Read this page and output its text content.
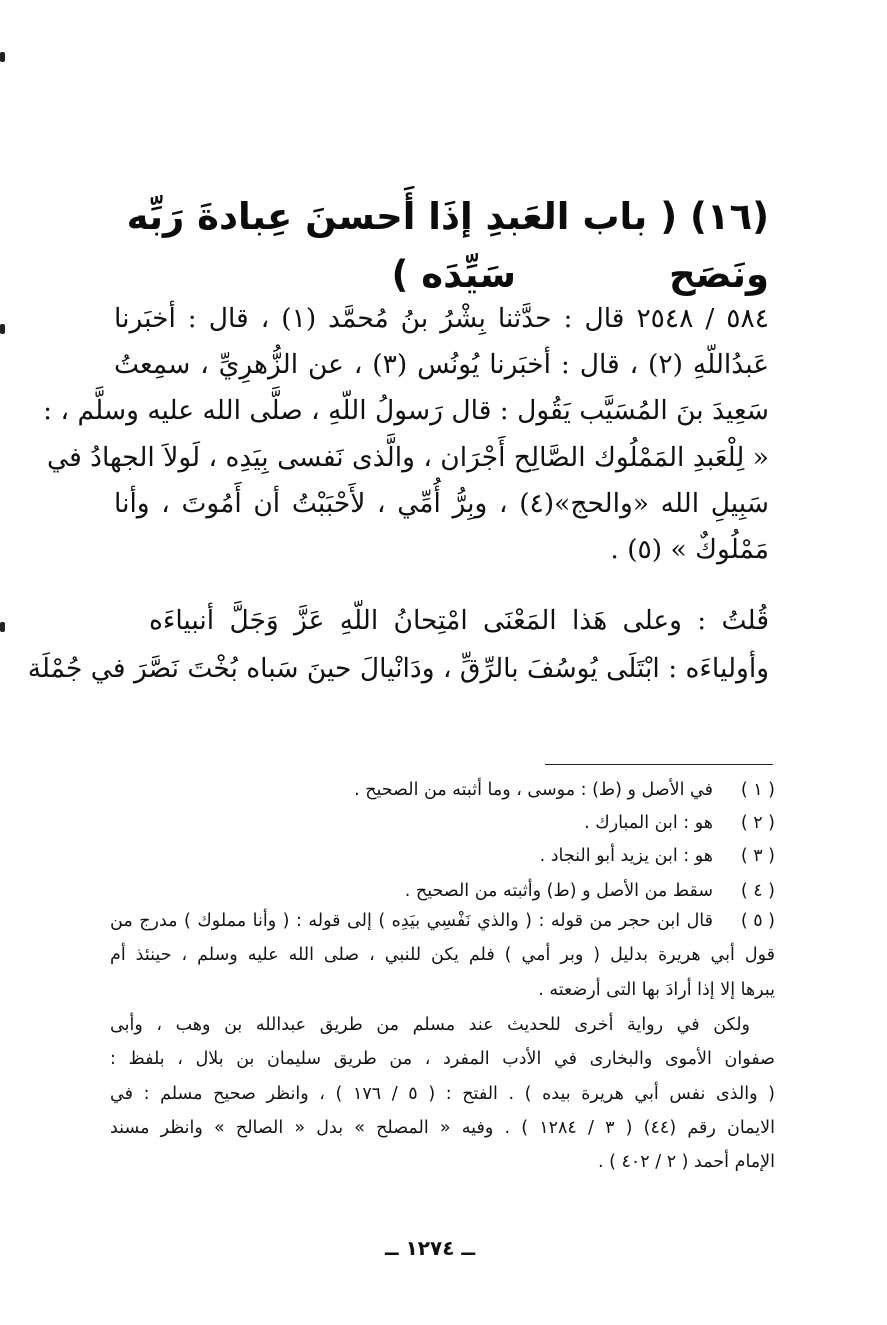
(١٦) ( باب العَبدِ إذَا أَحسنَ عِبادةَ رَبِّه ونَصَح
سَيِّدَه )
٥٨٤ / ٢٥٤٨ قال : حدَّثنا بِشْرُ بنُ مُحمَّد (١) ، قال : أخبَرنا
عَبدُاللّهِ (٢) ، قال : أخبَرنا يُونُس (٣) ، عن الزُّهرِيِّ ، سمِعتُ
سَعِيدَ بنَ المُسَيَّب يَقُول : قال رَسولُ اللّهِ ، صلَّى الله عليه وسلَّم ، :
« لِلْعَبدِ المَمْلُوك الصَّالِح أَجْرَان ، والَّذى نَفسى بِيَدِه ، لَولاَ الجهادُ في
سَبِيلِ الله «والحج»(٤) ، وبِرُّ أُمِّي ، لأَحْبَبْتُ أن أَمُوتَ ، وأنا
مَمْلُوكٌ » (٥) .
قُلتُ : وعلى هَذا المَعْنَى امْتِحانُ اللّهِ عَزَّ وَجَلَّ أنبياءَه
وأولياءَه : ابْتَلَى يُوسُفَ بالرِّقِّ ، ودَانْيالَ حينَ سَباه بُخْتَ نَصَّرَ في جُمْلَة
( ١ )
في الأصل و (ط) : موسى ، وما أثبته من الصحيح .
( ٢ )
هو : ابن المبارك .
( ٣ )
هو : ابن يزيد أبو النجاد .
( ٤ )
سقط من الأصل و (ط) وأثبته من الصحيح .
( ٥ )
قال ابن حجر من قوله : ( والذي نَفْسِي بيَدِه ) إلى قوله : ( وأنا مملوك ) مدرج من
قول أبي هريرة بدليل ( وبر أمي ) فلم يكن للنبي ، صلى الله عليه وسلم ، حينئذ أم
يبرها إلا إذا أرادَ بها التى أرضعته .
ولكن في رواية أخرى للحديث عند مسلم من طريق عبدالله بن وهب ، وأبى
صفوان الأموى والبخارى في الأدب المفرد ، من طريق سليمان بن بلال ، بلفظ :
( والذى نفس أبي هريرة بيده ) . الفتح : ( ٥ / ١٧٦ ) ، وانظر صحيح مسلم : في
الايمان رقم (٤٤) ( ٣ / ١٢٨٤ ) . وفيه « المصلح » بدل « الصالح » وانظر مسند
الإمام أحمد ( ٢ / ٤٠٢ ) .
ــ ١٢٧٤ ــ
